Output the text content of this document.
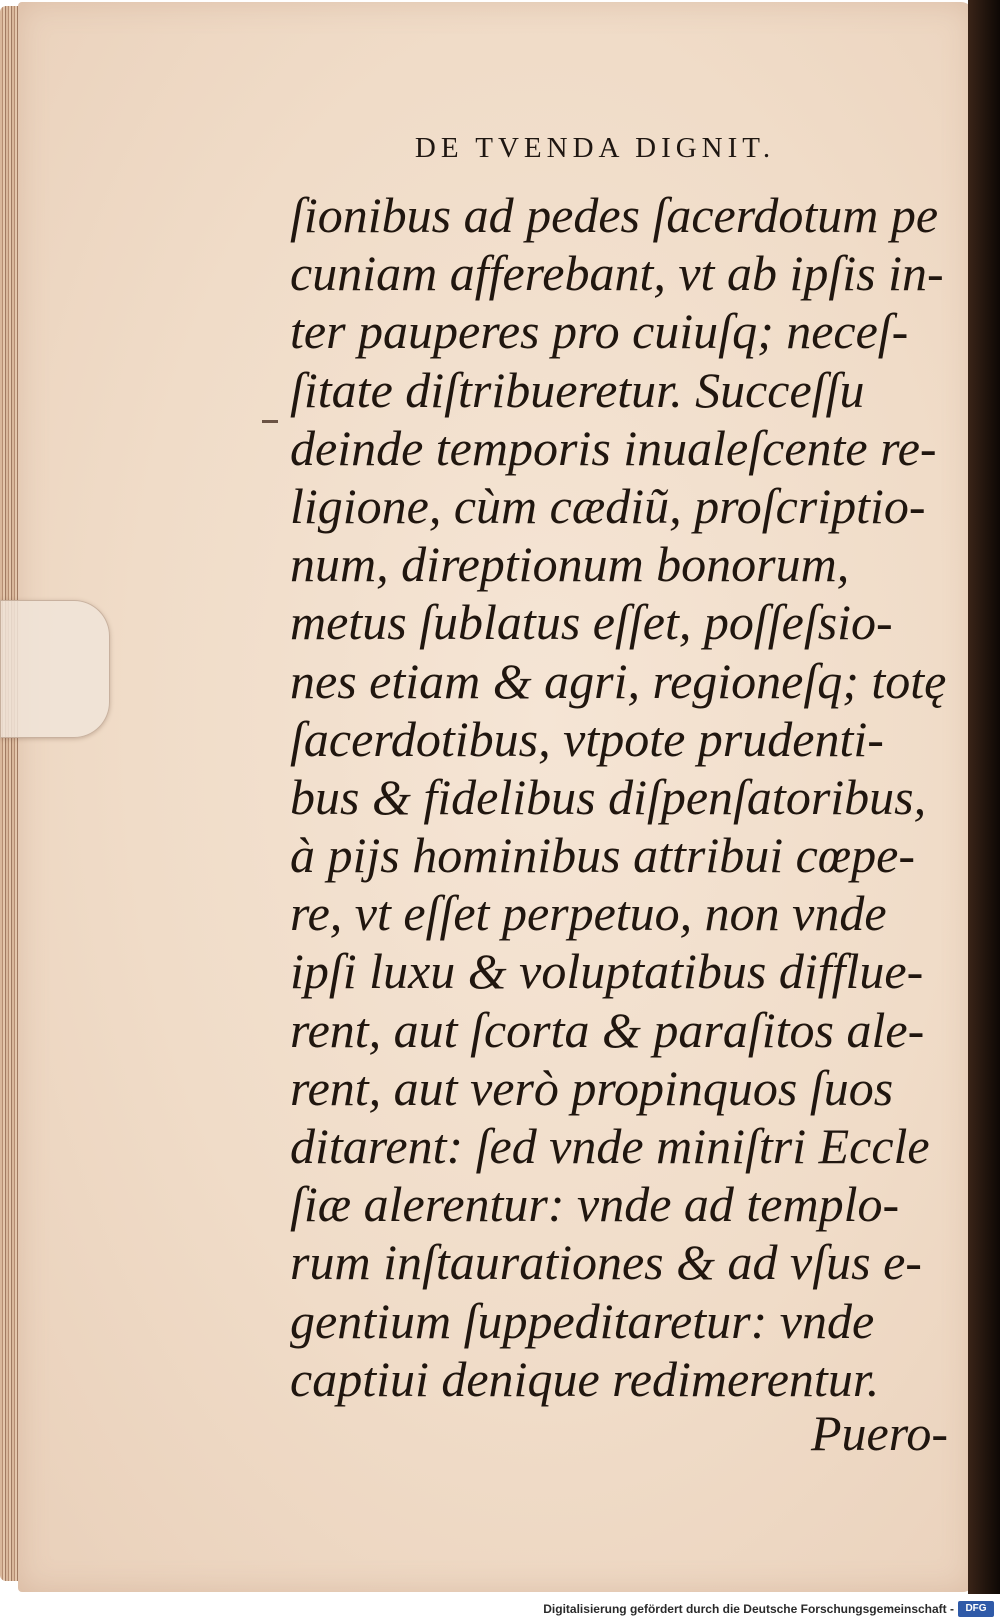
DE TVENDA DIGNIT.
ſionibus ad pedes ſacerdotum pe
cuniam afferebant, vt ab ipſis in-
ter pauperes pro cuiuſq; neceſ-
ſitate diſtribueretur. Succeſſu
deinde temporis inualeſcente re-
ligione, cùm cædiũ, proſcriptio-
num, direptionum bonorum,
metus ſublatus eſſet, poſſeſsio-
nes etiam & agri, regioneſq; totę
ſacerdotibus, vtpote prudenti-
bus & fidelibus diſpenſatoribus,
à pijs hominibus attribui cœpe-
re, vt eſſet perpetuo, non vnde
ipſi luxu & voluptatibus diffluе-
rent, aut ſcorta & paraſitos ale-
rent, aut verò propinquos ſuos
ditarent: ſed vnde miniſtri Eccle
ſiæ alerentur: vnde ad templo-
rum inſtaurationes & ad vſus e-
gentium ſuppeditaretur: vnde
captiui denique redimerentur.
Puero-
Digitalisierung gefördert durch die Deutsche Forschungsgemeinschaft -	DFG
